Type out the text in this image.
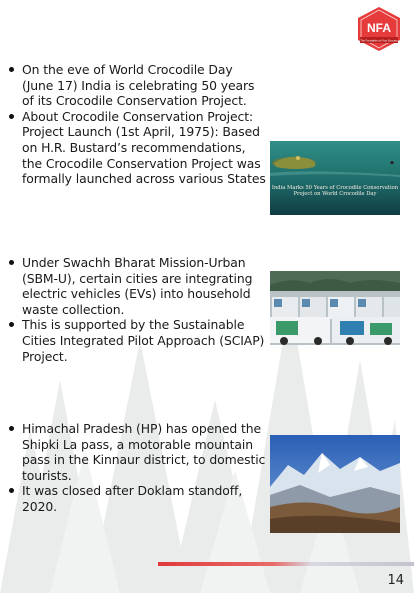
NFA
The Foundation of Your Success
On the eve of World Crocodile Day (June 17) India is celebrating 50 years of its Crocodile Conservation Project.
About Crocodile Conservation Project: Project Launch (1st April, 1975): Based on H.R. Bustard’s recommendations, the Crocodile Conservation Project was formally launched across various States
India Marks 50 Years of Crocodile Conservation Project on World Crocodile Day
Under Swachh Bharat Mission-Urban (SBM-U), certain cities are integrating electric vehicles (EVs) into household waste collection.
This is supported by the Sustainable Cities Integrated Pilot Approach (SCIAP) Project.
Himachal Pradesh (HP) has opened the Shipki La pass, a motorable mountain pass in the Kinnaur district, to domestic tourists.
It was closed after Doklam standoff, 2020.
14
